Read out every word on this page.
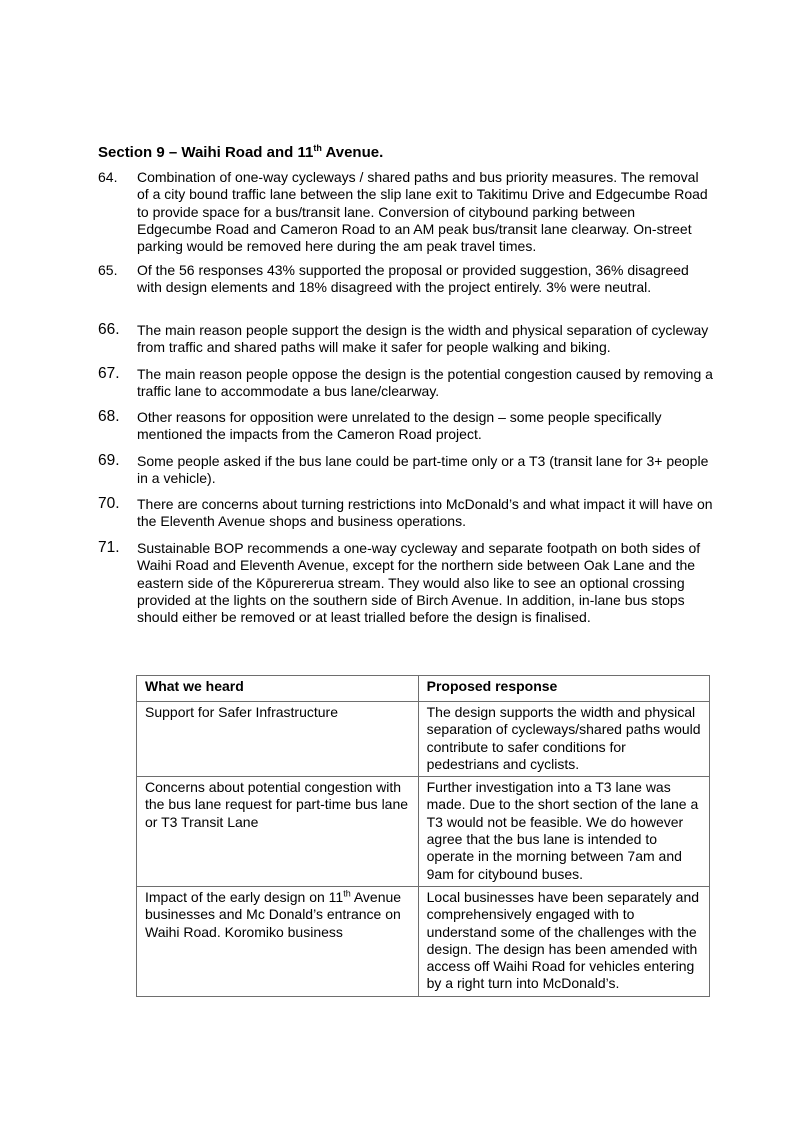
Section 9 – Waihi Road and 11th Avenue.
64. Combination of one-way cycleways / shared paths and bus priority measures. The removal of a city bound traffic lane between the slip lane exit to Takitimu Drive and Edgecumbe Road to provide space for a bus/transit lane. Conversion of citybound parking between Edgecumbe Road and Cameron Road to an AM peak bus/transit lane clearway. On-street parking would be removed here during the am peak travel times.
65. Of the 56 responses 43% supported the proposal or provided suggestion, 36% disagreed with design elements and 18% disagreed with the project entirely. 3% were neutral.
66. The main reason people support the design is the width and physical separation of cycleway from traffic and shared paths will make it safer for people walking and biking.
67. The main reason people oppose the design is the potential congestion caused by removing a traffic lane to accommodate a bus lane/clearway.
68. Other reasons for opposition were unrelated to the design – some people specifically mentioned the impacts from the Cameron Road project.
69. Some people asked if the bus lane could be part-time only or a T3 (transit lane for 3+ people in a vehicle).
70. There are concerns about turning restrictions into McDonald’s and what impact it will have on the Eleventh Avenue shops and business operations.
71. Sustainable BOP recommends a one-way cycleway and separate footpath on both sides of Waihi Road and Eleventh Avenue, except for the northern side between Oak Lane and the eastern side of the Kōpurererua stream. They would also like to see an optional crossing provided at the lights on the southern side of Birch Avenue. In addition, in-lane bus stops should either be removed or at least trialled before the design is finalised.
What we heard	Proposed response
Support for Safer Infrastructure	The design supports the width and physical separation of cycleways/shared paths would contribute to safer conditions for pedestrians and cyclists.
Concerns about potential congestion with the bus lane request for part-time bus lane or T3 Transit Lane	Further investigation into a T3 lane was made. Due to the short section of the lane a T3 would not be feasible. We do however agree that the bus lane is intended to operate in the morning between 7am and 9am for citybound buses.
Impact of the early design on 11th Avenue businesses and Mc Donald’s entrance on Waihi Road. Koromiko business	Local businesses have been separately and comprehensively engaged with to understand some of the challenges with the design. The design has been amended with access off Waihi Road for vehicles entering by a right turn into McDonald’s.
